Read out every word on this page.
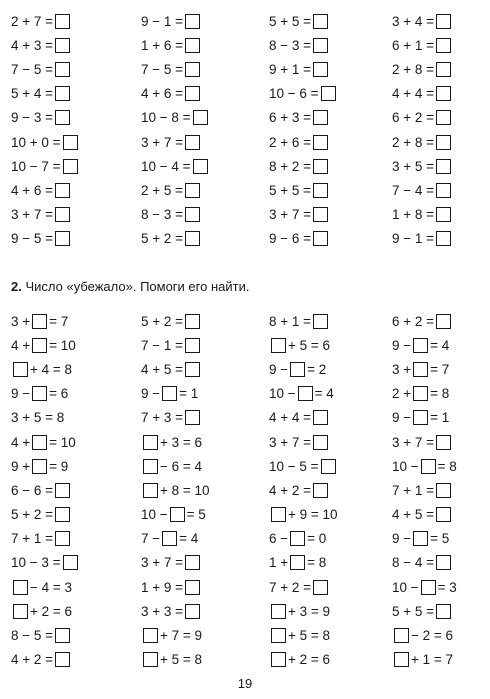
2 + 7 =	9 − 1 =	5 + 5 =	3 + 4 =
4 + 3 =	1 + 6 =	8 − 3 =	6 + 1 =
7 − 5 =	7 − 5 =	9 + 1 =	2 + 8 =
5 + 4 =	4 + 6 =	10 − 6 =	4 + 4 =
9 − 3 =	10 − 8 =	6 + 3 =	6 + 2 =
10 + 0 =	3 + 7 =	2 + 6 =	2 + 8 =
10 − 7 =	10 − 4 =	8 + 2 =	3 + 5 =
4 + 6 =	2 + 5 =	5 + 5 =	7 − 4 =
3 + 7 =	8 − 3 =	3 + 7 =	1 + 8 =
9 − 5 =	5 + 2 =	9 − 6 =	9 − 1 =
2. Число «убежало». Помоги его найти.
3 + = 7	5 + 2 =	8 + 1 =	6 + 2 =
4 + = 10	7 − 1 =	+ 5 = 6	9 − = 4
+ 4 = 8	4 + 5 =	9 − = 2	3 + = 7
9 − = 6	9 − = 1	10 − = 4	2 + = 8
3 + 5 = 8	7 + 3 =	4 + 4 =	9 − = 1
4 + = 10	+ 3 = 6	3 + 7 =	3 + 7 =
9 + = 9	− 6 = 4	10 − 5 =	10 − = 8
6 − 6 =	+ 8 = 10	4 + 2 =	7 + 1 =
5 + 2 =	10 − = 5	+ 9 = 10	4 + 5 =
7 + 1 =	7 − = 4	6 − = 0	9 − = 5
10 − 3 =	3 + 7 =	1 + = 8	8 − 4 =
− 4 = 3	1 + 9 =	7 + 2 =	10 − = 3
+ 2 = 6	3 + 3 =	+ 3 = 9	5 + 5 =
8 − 5 =	+ 7 = 9	+ 5 = 8	− 2 = 6
4 + 2 =	+ 5 = 8	+ 2 = 6	+ 1 = 7
19
